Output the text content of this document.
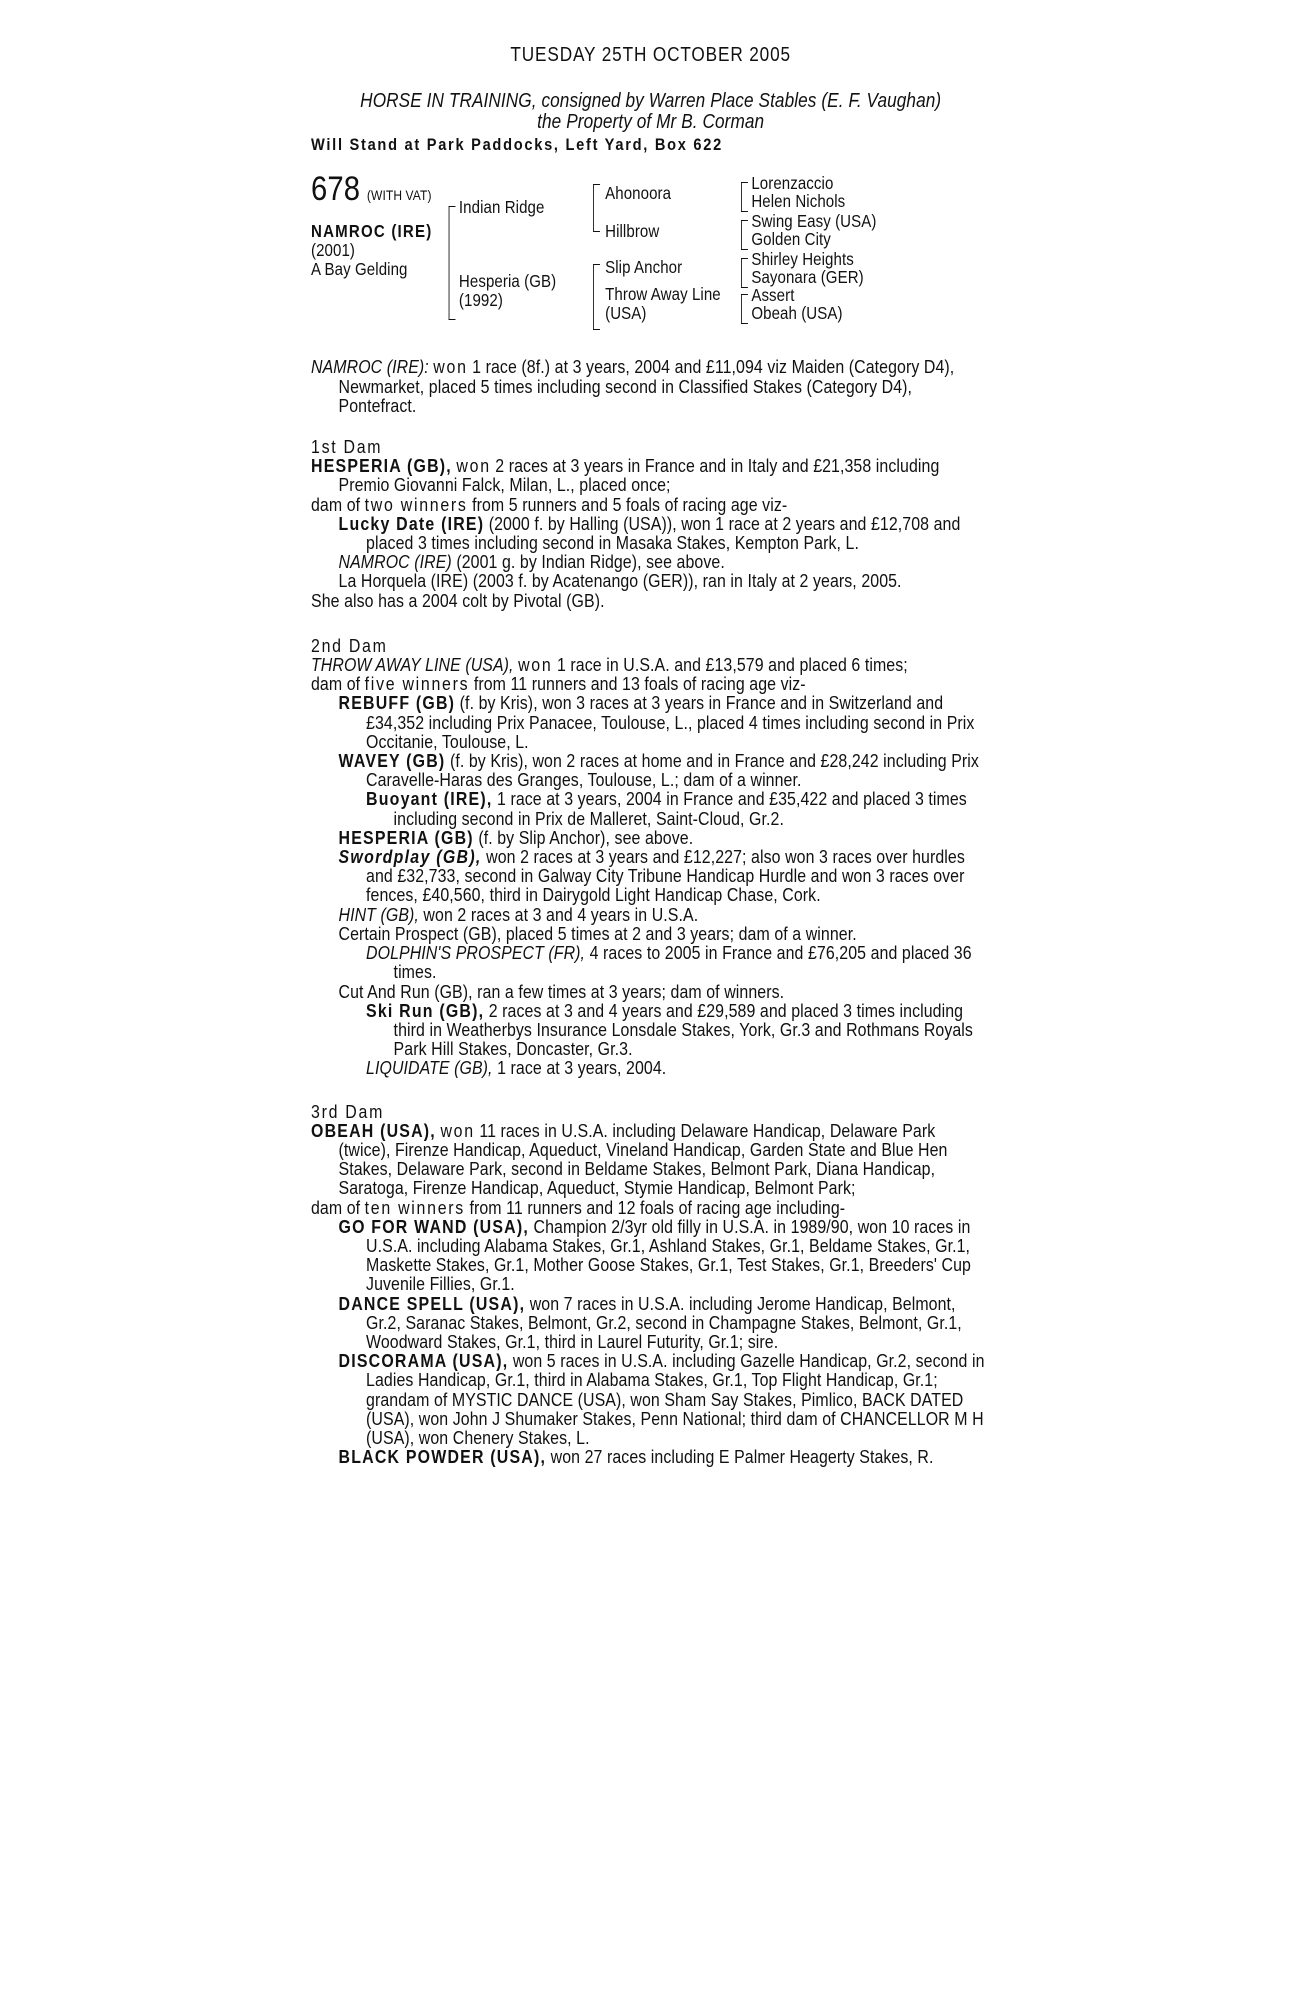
TUESDAY 25TH OCTOBER 2005
HORSE IN TRAINING, consigned by Warren Place Stables (E. F. Vaughan)
the Property of Mr B. Corman
Will Stand at Park Paddocks, Left Yard, Box 622
678 (WITH VAT)
NAMROC (IRE)
(2001)
A Bay Gelding
Indian Ridge
Hesperia (GB)
(1992)
Ahonoora
Hillbrow
Slip Anchor
Throw Away Line
(USA)
Lorenzaccio
Helen Nichols
Swing Easy (USA)
Golden City
Shirley Heights
Sayonara (GER)
Assert
Obeah (USA)
NAMROC (IRE): won 1 race (8f.) at 3 years, 2004 and £11,094 viz Maiden (Category D4), Newmarket, placed 5 times including second in Classified Stakes (Category D4), Pontefract.
1st Dam
HESPERIA (GB), won 2 races at 3 years in France and in Italy and £21,358 including Premio Giovanni Falck, Milan, L., placed once;
dam of two winners from 5 runners and 5 foals of racing age viz-
Lucky Date (IRE) (2000 f. by Halling (USA)), won 1 race at 2 years and £12,708 and placed 3 times including second in Masaka Stakes, Kempton Park, L.
NAMROC (IRE) (2001 g. by Indian Ridge), see above.
La Horquela (IRE) (2003 f. by Acatenango (GER)), ran in Italy at 2 years, 2005.
She also has a 2004 colt by Pivotal (GB).
2nd Dam
THROW AWAY LINE (USA), won 1 race in U.S.A. and £13,579 and placed 6 times;
dam of five winners from 11 runners and 13 foals of racing age viz-
REBUFF (GB) (f. by Kris), won 3 races at 3 years in France and in Switzerland and £34,352 including Prix Panacee, Toulouse, L., placed 4 times including second in Prix Occitanie, Toulouse, L.
WAVEY (GB) (f. by Kris), won 2 races at home and in France and £28,242 including Prix Caravelle-Haras des Granges, Toulouse, L.; dam of a winner.
Buoyant (IRE), 1 race at 3 years, 2004 in France and £35,422 and placed 3 times including second in Prix de Malleret, Saint-Cloud, Gr.2.
HESPERIA (GB) (f. by Slip Anchor), see above.
Swordplay (GB), won 2 races at 3 years and £12,227; also won 3 races over hurdles and £32,733, second in Galway City Tribune Handicap Hurdle and won 3 races over fences, £40,560, third in Dairygold Light Handicap Chase, Cork.
HINT (GB), won 2 races at 3 and 4 years in U.S.A.
Certain Prospect (GB), placed 5 times at 2 and 3 years; dam of a winner.
DOLPHIN'S PROSPECT (FR), 4 races to 2005 in France and £76,205 and placed 36 times.
Cut And Run (GB), ran a few times at 3 years; dam of winners.
Ski Run (GB), 2 races at 3 and 4 years and £29,589 and placed 3 times including third in Weatherbys Insurance Lonsdale Stakes, York, Gr.3 and Rothmans Royals Park Hill Stakes, Doncaster, Gr.3.
LIQUIDATE (GB), 1 race at 3 years, 2004.
3rd Dam
OBEAH (USA), won 11 races in U.S.A. including Delaware Handicap, Delaware Park (twice), Firenze Handicap, Aqueduct, Vineland Handicap, Garden State and Blue Hen Stakes, Delaware Park, second in Beldame Stakes, Belmont Park, Diana Handicap, Saratoga, Firenze Handicap, Aqueduct, Stymie Handicap, Belmont Park;
dam of ten winners from 11 runners and 12 foals of racing age including-
GO FOR WAND (USA), Champion 2/3yr old filly in U.S.A. in 1989/90, won 10 races in U.S.A. including Alabama Stakes, Gr.1, Ashland Stakes, Gr.1, Beldame Stakes, Gr.1, Maskette Stakes, Gr.1, Mother Goose Stakes, Gr.1, Test Stakes, Gr.1, Breeders' Cup Juvenile Fillies, Gr.1.
DANCE SPELL (USA), won 7 races in U.S.A. including Jerome Handicap, Belmont, Gr.2, Saranac Stakes, Belmont, Gr.2, second in Champagne Stakes, Belmont, Gr.1, Woodward Stakes, Gr.1, third in Laurel Futurity, Gr.1; sire.
DISCORAMA (USA), won 5 races in U.S.A. including Gazelle Handicap, Gr.2, second in Ladies Handicap, Gr.1, third in Alabama Stakes, Gr.1, Top Flight Handicap, Gr.1; grandam of MYSTIC DANCE (USA), won Sham Say Stakes, Pimlico, BACK DATED (USA), won John J Shumaker Stakes, Penn National; third dam of CHANCELLOR M H (USA), won Chenery Stakes, L.
BLACK POWDER (USA), won 27 races including E Palmer Heagerty Stakes, R.
